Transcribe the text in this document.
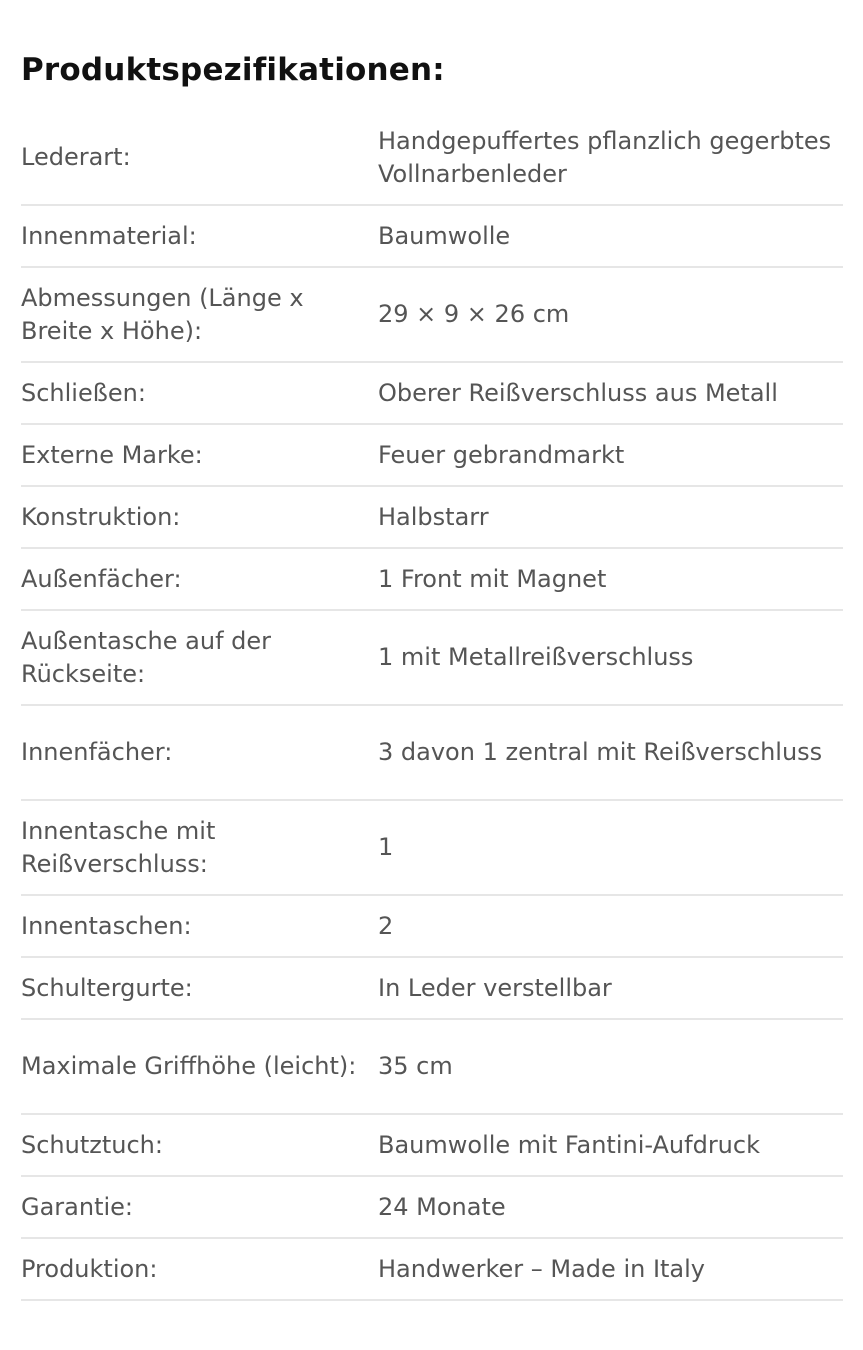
Produktspezifikationen:
Lederart:	Handgepuffertes pflanzlich gegerbtes Vollnarbenleder
Innenmaterial:	Baumwolle
Abmessungen (Länge x Breite x Höhe):	29 × 9 × 26 cm
Schließen:	Oberer Reißverschluss aus Metall
Externe Marke:	Feuer gebrandmarkt
Konstruktion:	Halbstarr
Außenfächer:	1 Front mit Magnet
Außentasche auf der Rückseite:	1 mit Metallreißverschluss
Innenfächer:	3 davon 1 zentral mit Reißverschluss
Innentasche mit Reißverschluss:	1
Innentaschen:	2
Schultergurte:	In Leder verstellbar
Maximale Griffhöhe (leicht):	35 cm
Schutztuch:	Baumwolle mit Fantini-Aufdruck
Garantie:	24 Monate
Produktion:	Handwerker – Made in Italy
